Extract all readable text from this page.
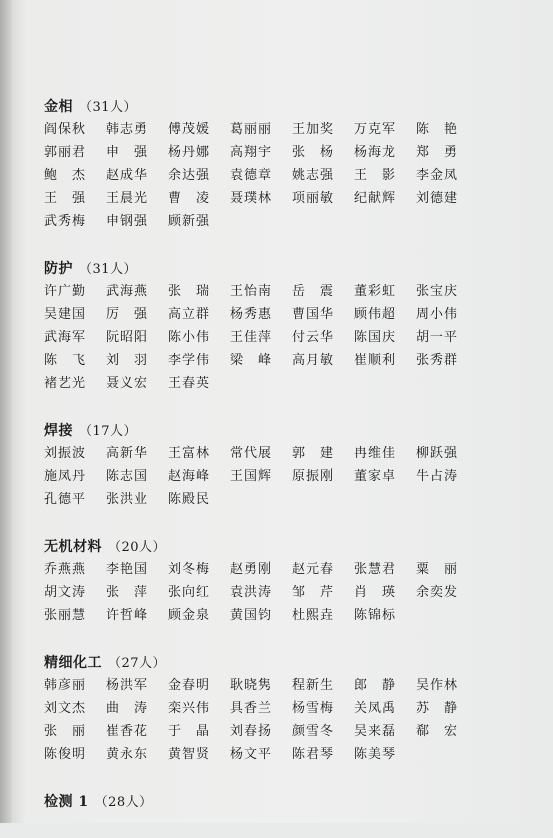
金相 （31人）
阎保秋	韩志勇	傅茂媛	葛丽丽	王加奖	万克军	陈　艳
郭丽君	申　强	杨丹娜	高翔宇	张　杨	杨海龙	郑　勇
鲍　杰	赵成华	余达强	袁德章	姚志强	王　影	李金凤
王　强	王晨光	曹　凌	聂璞林	项丽敏	纪献辉	刘德建
武秀梅	申钢强	顾新强
防护 （31人）
许广勤	武海燕	张　瑞	王怡南	岳　震	董彩虹	张宝庆
吴建国	厉　强	高立群	杨秀惠	曹国华	顾伟超	周小伟
武海军	阮昭阳	陈小伟	王佳萍	付云华	陈国庆	胡一平
陈　飞	刘　羽	李学伟	梁　峰	高月敏	崔顺利	张秀群
褚艺光	聂义宏	王春英
焊接 （17人）
刘振波	高新华	王富林	常代展	郭　建	冉维佳	柳跃强
施凤丹	陈志国	赵海峰	王国辉	原振刚	董家卓	牛占涛
孔德平	张洪业	陈殿民
无机材料 （20人）
乔燕燕	李艳国	刘冬梅	赵勇刚	赵元春	张慧君	粟　丽
胡文涛	张　萍	张向红	袁洪涛	邹　芹	肖　瑛	余奕发
张丽慧	许哲峰	顾金泉	黄国钧	杜熙垚	陈锦标
精细化工 （27人）
韩彦丽	杨洪军	金春明	耿晓隽	程新生	郎　静	吴作林
刘文杰	曲　涛	栾兴伟	具香兰	杨雪梅	关凤禹	苏　静
张　丽	崔香花	于　晶	刘春扬	颜雪冬	吴来磊	郗　宏
陈俊明	黄永东	黄智贤	杨文平	陈君琴	陈美琴
检测 1 （28人）
